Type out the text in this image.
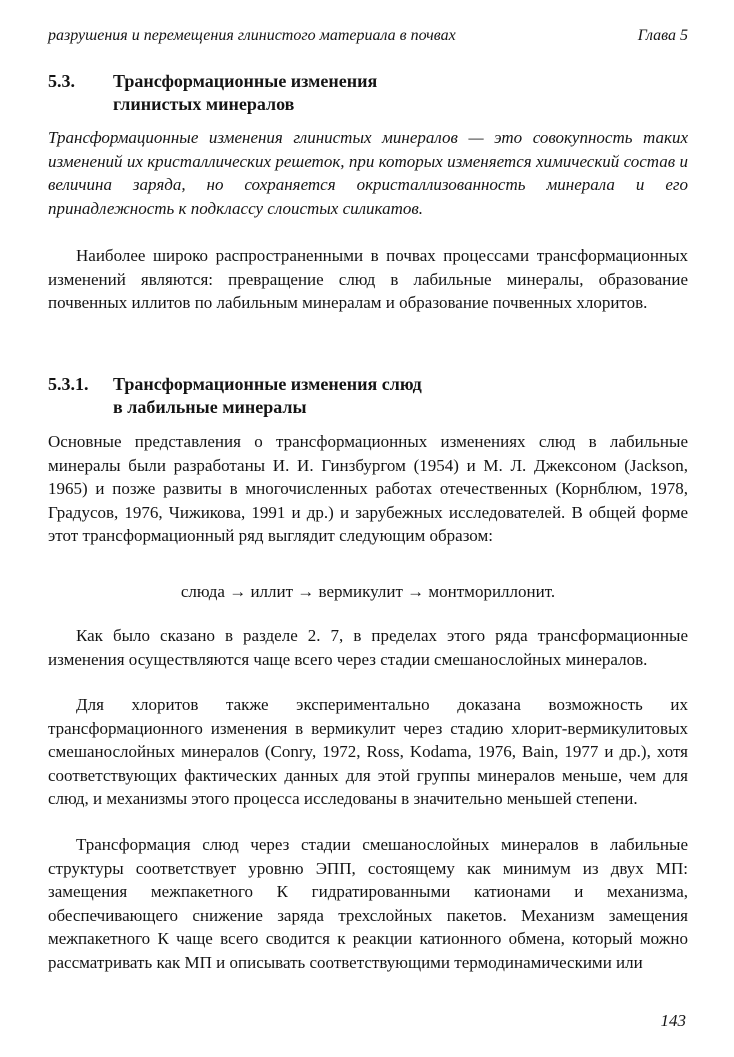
разрушения и перемещения глинистого материала в почвах	Глава 5
5.3. Трансформационные изменения
глинистых минералов

Трансформационные изменения глинистых минералов — это совокупность таких изменений их кристаллических решеток, при которых изменяется химический состав и величина заряда, но сохраняется окристаллизованность минерала и его принадлежность к подклассу слоистых силикатов.

Наиболее широко распространенными в почвах процессами трансформационных изменений являются: превращение слюд в лабильные минералы, образование почвенных иллитов по лабильным минералам и образование почвенных хлоритов.

5.3.1. Трансформационные изменения слюд
в лабильные минералы

Основные представления о трансформационных изменениях слюд в лабильные минералы были разработаны И. И. Гинзбургом (1954) и М. Л. Джексоном (Jackson, 1965) и позже развиты в многочисленных работах отечественных (Корнблюм, 1978, Градусов, 1976, Чижикова, 1991 и др.) и зарубежных исследователей. В общей форме этот трансформационный ряд выглядит следующим образом:

слюда → иллит → вермикулит → монтмориллонит.

Как было сказано в разделе 2. 7, в пределах этого ряда трансформационные изменения осуществляются чаще всего через стадии смешанослойных минералов.

Для хлоритов также экспериментально доказана возможность их трансформационного изменения в вермикулит через стадию хлорит-вермикулитовых смешанослойных минералов (Conry, 1972, Ross, Kodama, 1976, Bain, 1977 и др.), хотя соответствующих фактических данных для этой группы минералов меньше, чем для слюд, и механизмы этого процесса исследованы в значительно меньшей степени.

Трансформация слюд через стадии смешанослойных минералов в лабильные структуры соответствует уровню ЭПП, состоящему как минимум из двух МП: замещения межпакетного К гидратированными катионами и механизма, обеспечивающего снижение заряда трехслойных пакетов. Механизм замещения межпакетного К чаще всего сводится к реакции катионного обмена, который можно рассматривать как МП и описывать соответствующими термодинамическими или

143
